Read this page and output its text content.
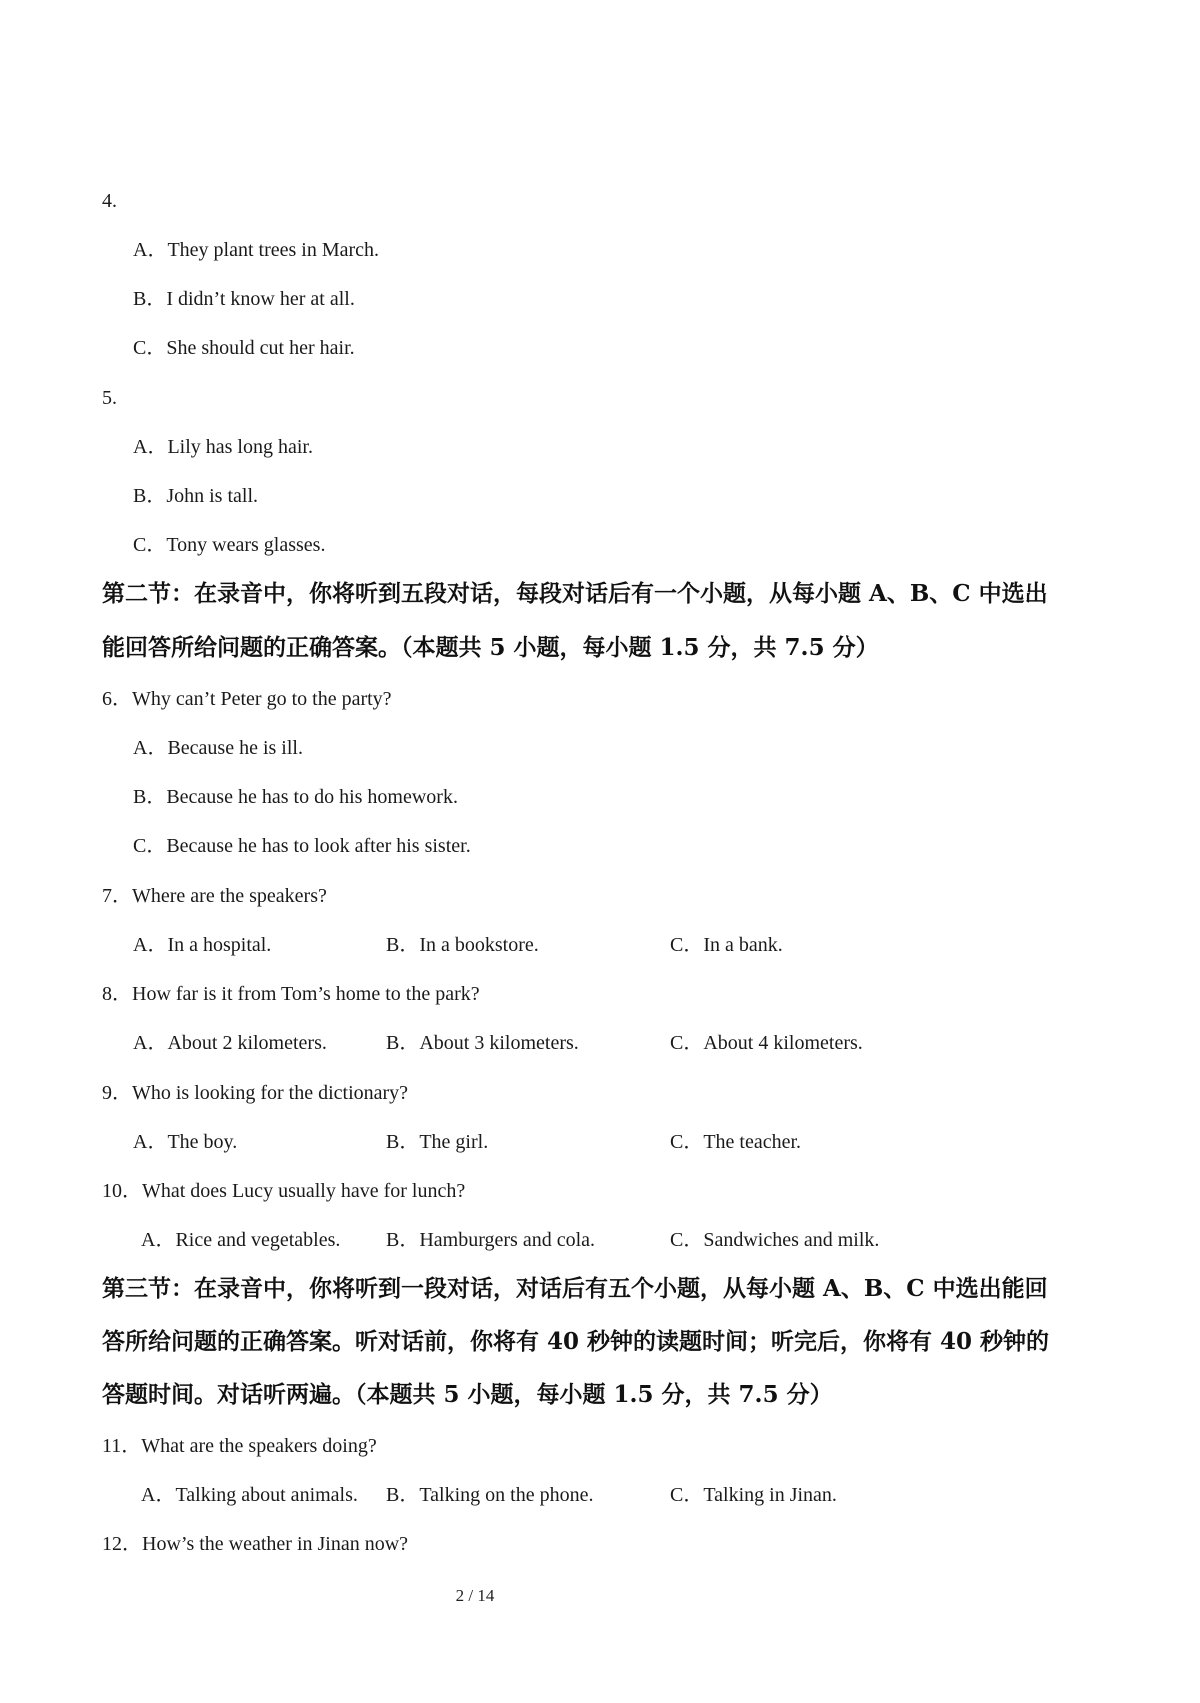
4.
A．They plant trees in March.
B．I didn’t know her at all.
C．She should cut her hair.
5.
A．Lily has long hair.
B．John is tall.
C．Tony wears glasses.
第二节：在录音中，你将听到五段对话，每段对话后有一个小题，从每小题 A、B、C 中选出
能回答所给问题的正确答案。（本题共 5 小题，每小题 1.5 分，共 7.5 分）
6．Why can’t Peter go to the party?
A．Because he is ill.
B．Because he has to do his homework.
C．Because he has to look after his sister.
7．Where are the speakers?
A．In a hospital.	B．In a bookstore.	C．In a bank.
8．How far is it from Tom’s home to the park?
A．About 2 kilometers.	B．About 3 kilometers.	C．About 4 kilometers.
9．Who is looking for the dictionary?
A．The boy.	B．The girl.	C．The teacher.
10．What does Lucy usually have for lunch?
A．Rice and vegetables. B．Hamburgers and cola.	C．Sandwiches and milk.
第三节：在录音中，你将听到一段对话，对话后有五个小题，从每小题 A、B、C 中选出能回
答所给问题的正确答案。听对话前，你将有 40 秒钟的读题时间；听完后，你将有 40 秒钟的
答题时间。对话听两遍。（本题共 5 小题，每小题 1.5 分，共 7.5 分）
11．What are the speakers doing?
A．Talking about animals. B．Talking on the phone.	C．Talking in Jinan.
12．How’s the weather in Jinan now?
2 / 14
